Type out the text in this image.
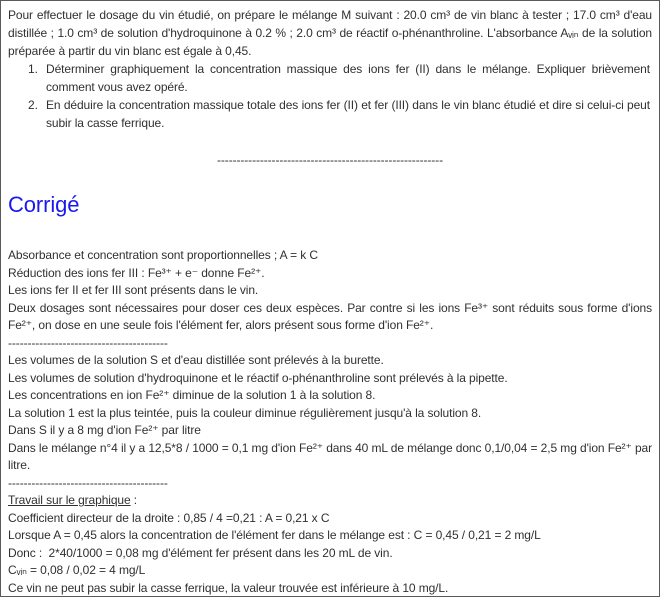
Pour effectuer le dosage du vin étudié, on prépare le mélange M suivant : 20.0 cm³ de vin blanc à tester ; 17.0 cm³ d'eau distillée ; 1.0 cm³ de solution d'hydroquinone à 0.2 % ; 2.0 cm³ de réactif o-phénanthroline. L'absorbance Aᵥᵢₙ de la solution préparée à partir du vin blanc est égale à 0,45.

1. Déterminer graphiquement la concentration massique des ions fer (II) dans le mélange. Expliquer brièvement comment vous avez opéré.
2. En déduire la concentration massique totale des ions fer (II) et fer (III) dans le vin blanc étudié et dire si celui-ci peut subir la casse ferrique.
----------------------------------------------------------
Corrigé
Absorbance et concentration sont proportionnelles ; A = k C
Réduction des ions fer III : Fe³⁺ + e⁻ donne Fe²⁺.
Les ions fer II et fer III sont présents dans le vin.
Deux dosages sont nécessaires pour doser ces deux espèces. Par contre si les ions Fe³⁺ sont réduits sous forme d'ions Fe²⁺, on dose en une seule fois l'élément fer, alors présent sous forme d'ion Fe²⁺.
-----------------------------------------
Les volumes de la solution S et d'eau distillée sont prélevés à la burette.
Les volumes de solution d'hydroquinone et le réactif o-phénanthroline sont prélevés à la pipette.
Les concentrations en ion Fe²⁺ diminue de la solution 1 à la solution 8.
La solution 1 est la plus teintée, puis la couleur diminue régulièrement jusqu'à la solution 8.
Dans S il y a 8 mg d'ion Fe²⁺ par litre
Dans le mélange n°4 il y a 12,5*8 / 1000 = 0,1 mg d'ion Fe²⁺ dans 40 mL de mélange donc 0,1/0,04 = 2,5 mg d'ion Fe²⁺ par litre.
-----------------------------------------
Travail sur le graphique :
Coefficient directeur de la droite : 0,85 / 4 =0,21 : A = 0,21 x C
Lorsque A = 0,45 alors la concentration de l'élément fer dans le mélange est : C = 0,45 / 0,21 = 2 mg/L
Donc :  2*40/1000 = 0,08 mg d'élément fer présent dans les 20 mL de vin.
Cᵥᵢₙ = 0,08 / 0,02 = 4 mg/L
Ce vin ne peut pas subir la casse ferrique, la valeur trouvée est inférieure à 10 mg/L.
